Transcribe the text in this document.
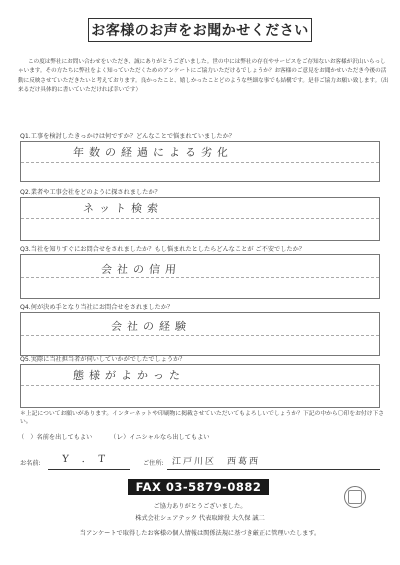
お客様のお声をお聞かせください
この度は弊社にお問い合わせをいただき、誠にありがとうございました。世の中には弊社の存在やサービスをご存知ないお客様が沢山いらっしゃいます。その方たちに弊社をよく知っていただくためのアンケートにご協力いただけるでしょうか？お客様のご意見をお聞かせいただき今後の活動に反映させていただきたいと考えております。良かったこと、嬉しかったことどのような些細な事でも結構です。是非ご協力お願い致します。（出来るだけ具体的に書いていただければ幸いです）
Q1.工事を検討したきっかけは何ですか？どんなことで悩まれていましたか？
年数の経過による劣化
Q2.業者や工事会社をどのように探されましたか？
ネット検索
Q3.当社を知りすぐにお問合せをされましたか？もし悩まれたとしたらどんなことが ご不安でしたか？
会社の信用
Q4.何が決め手となり当社にお問合せをされましたか？
会社の経験
Q5.実際に当社担当者が伺いしていかがでしたでしょうか？
態様がよかった
＊上記についてお願いがあります。インターネットや印刷物に掲載させていただいてもよろしいでしょうか？下記の中から〇印をお付け下さい。
（　）名前を出してもよい	（レ）イニシャルなら出してもよい
お名前: Y . T	ご住所: 江戸川区　西葛西
FAX 03-5879-0882
ご協力ありがとうございました。
株式会社シェアテック 代表取締役 大久保 誠二
当アンケートで取得したお客様の個人情報は関係法規に基づき厳正に管理いたします。
